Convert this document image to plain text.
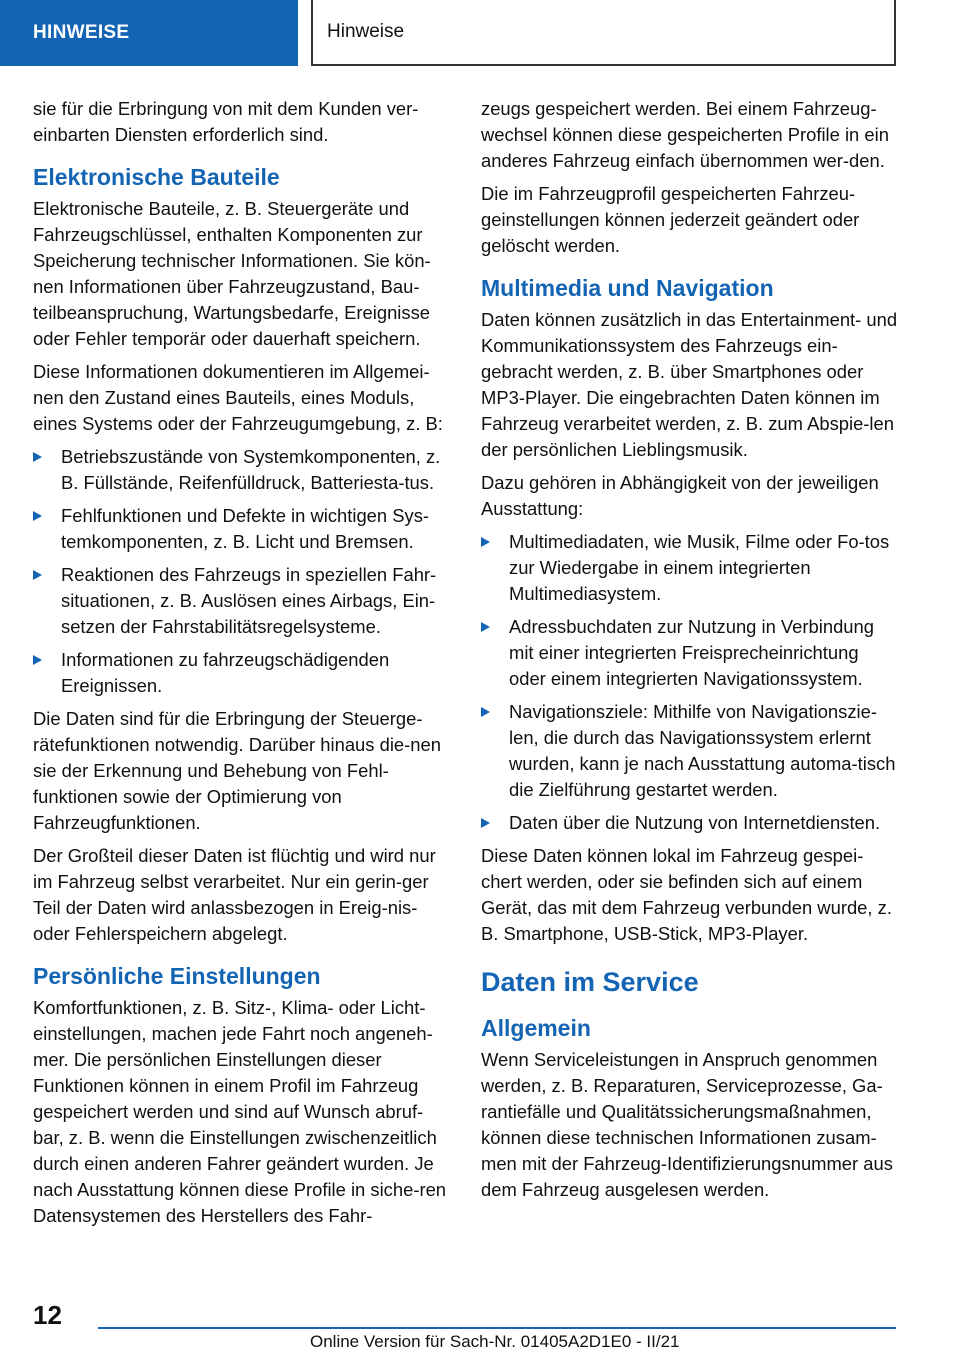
HINWEISE	Hinweise

sie für die Erbringung von mit dem Kunden ver‐ einbarten Diensten erforderlich sind.

Elektronische Bauteile

Elektronische Bauteile, z. B. Steuergeräte und Fahrzeugschlüssel, enthalten Komponenten zur Speicherung technischer Informationen. Sie kön‐nen Informationen über Fahrzeugzustand, Bau‐teilbeanspruchung, Wartungsbedarfe, Ereignisse oder Fehler temporär oder dauerhaft speichern.

Diese Informationen dokumentieren im Allgemei‐nen den Zustand eines Bauteils, eines Moduls, eines Systems oder der Fahrzeugumgebung, z. B:

Betriebszustände von Systemkomponenten, z. B. Füllstände, Reifenfülldruck, Batteriesta‐tus.
Fehlfunktionen und Defekte in wichtigen Sys‐temkomponenten, z. B. Licht und Bremsen.
Reaktionen des Fahrzeugs in speziellen Fahr‐situationen, z. B. Auslösen eines Airbags, Ein‐setzen der Fahrstabilitätsregelsysteme.
Informationen zu fahrzeugschädigenden Ereignissen.

Die Daten sind für die Erbringung der Steuerge‐rätefunktionen notwendig. Darüber hinaus die‐nen sie der Erkennung und Behebung von Fehl‐funktionen sowie der Optimierung von Fahrzeugfunktionen.

Der Großteil dieser Daten ist flüchtig und wird nur im Fahrzeug selbst verarbeitet. Nur ein gerin‐ger Teil der Daten wird anlassbezogen in Ereig‐nis- oder Fehlerspeichern abgelegt.

Persönliche Einstellungen

Komfortfunktionen, z. B. Sitz-, Klima- oder Licht‐einstellungen, machen jede Fahrt noch angeneh‐mer. Die persönlichen Einstellungen dieser Funktionen können in einem Profil im Fahrzeug gespeichert werden und sind auf Wunsch abruf‐bar, z. B. wenn die Einstellungen zwischenzeitlich durch einen anderen Fahrer geändert wurden. Je nach Ausstattung können diese Profile in siche‐ren Datensystemen des Herstellers des Fahr‐

zeugs gespeichert werden. Bei einem Fahrzeug‐wechsel können diese gespeicherten Profile in ein anderes Fahrzeug einfach übernommen wer‐den.

Die im Fahrzeugprofil gespeicherten Fahrzeu‐geinstellungen können jederzeit geändert oder gelöscht werden.

Multimedia und Navigation

Daten können zusätzlich in das Entertainment- und Kommunikationssystem des Fahrzeugs ein‐gebracht werden, z. B. über Smartphones oder MP3-Player. Die eingebrachten Daten können im Fahrzeug verarbeitet werden, z. B. zum Abspie‐len der persönlichen Lieblingsmusik.

Dazu gehören in Abhängigkeit von der jeweiligen Ausstattung:

Multimediadaten, wie Musik, Filme oder Fo‐tos zur Wiedergabe in einem integrierten Multimediasystem.
Adressbuchdaten zur Nutzung in Verbindung mit einer integrierten Freisprecheinrichtung oder einem integrierten Navigationssystem.
Navigationsziele: Mithilfe von Navigationszie‐len, die durch das Navigationssystem erlernt wurden, kann je nach Ausstattung automa‐tisch die Zielführung gestartet werden.
Daten über die Nutzung von Internetdiensten.

Diese Daten können lokal im Fahrzeug gespei‐chert werden, oder sie befinden sich auf einem Gerät, das mit dem Fahrzeug verbunden wurde, z. B. Smartphone, USB-Stick, MP3-Player.

Daten im Service
Allgemein

Wenn Serviceleistungen in Anspruch genommen werden, z. B. Reparaturen, Serviceprozesse, Ga‐rantiefälle und Qualitätssicherungsmaßnahmen, können diese technischen Informationen zusam‐men mit der Fahrzeug-Identifizierungsnummer aus dem Fahrzeug ausgelesen werden.

12
Online Version für Sach-Nr. 01405A2D1E0 - II/21
